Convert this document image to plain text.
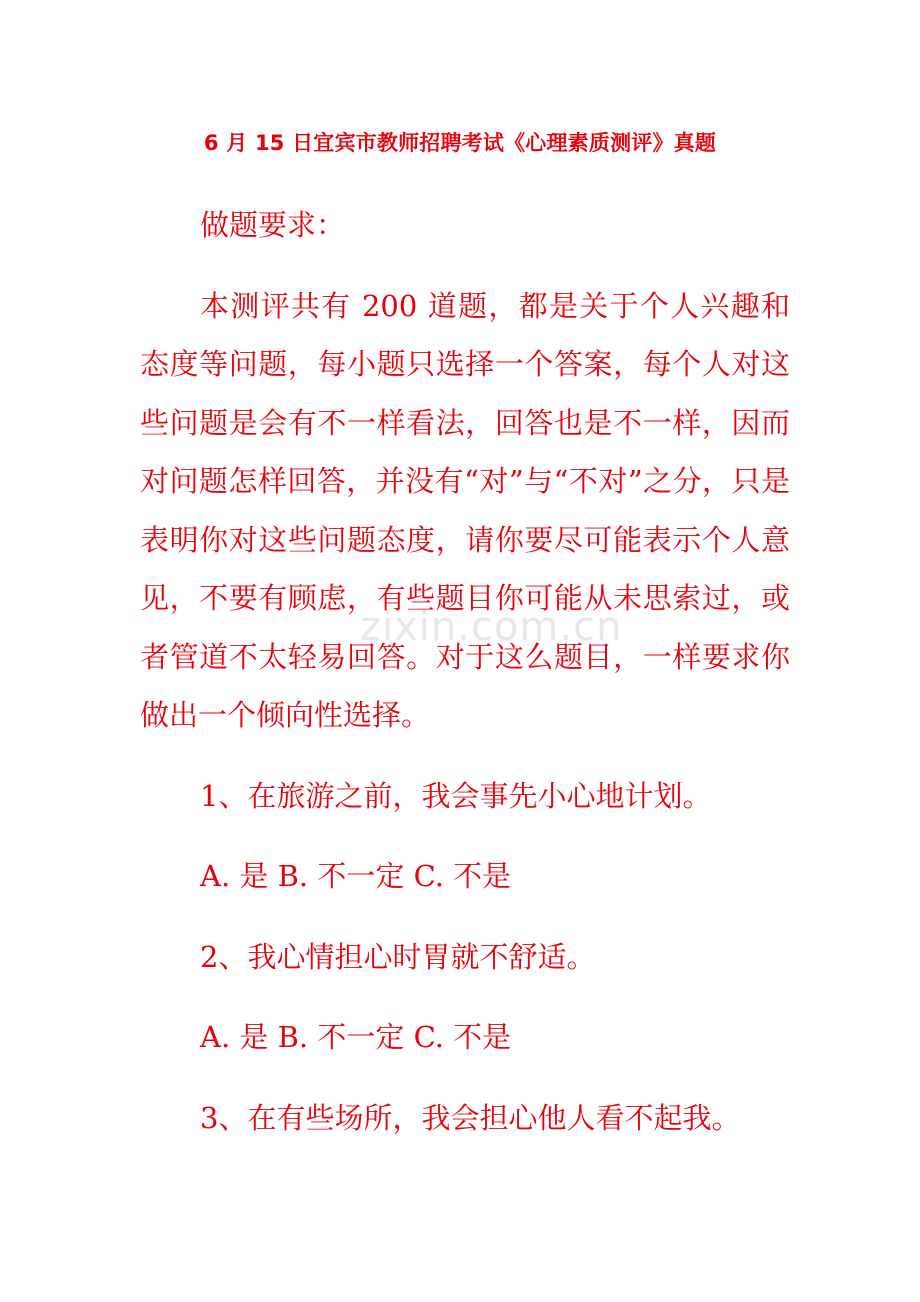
zixin.com.cn
6 月 15 日宜宾市教师招聘考试《心理素质测评》真题

做题要求：

本测评共有 200 道题，都是关于个人兴趣和态度等问题，每小题只选择一个答案，每个人对这些问题是会有不一样看法，回答也是不一样，因而对问题怎样回答，并没有“对”与“不对”之分，只是表明你对这些问题态度，请你要尽可能表示个人意见，不要有顾虑，有些题目你可能从未思索过，或者管道不太轻易回答。对于这么题目，一样要求你做出一个倾向性选择。

1、在旅游之前，我会事先小心地计划。

A. 是 B. 不一定 C. 不是

2、我心情担心时胃就不舒适。

A. 是 B. 不一定 C. 不是

3、在有些场所，我会担心他人看不起我。
